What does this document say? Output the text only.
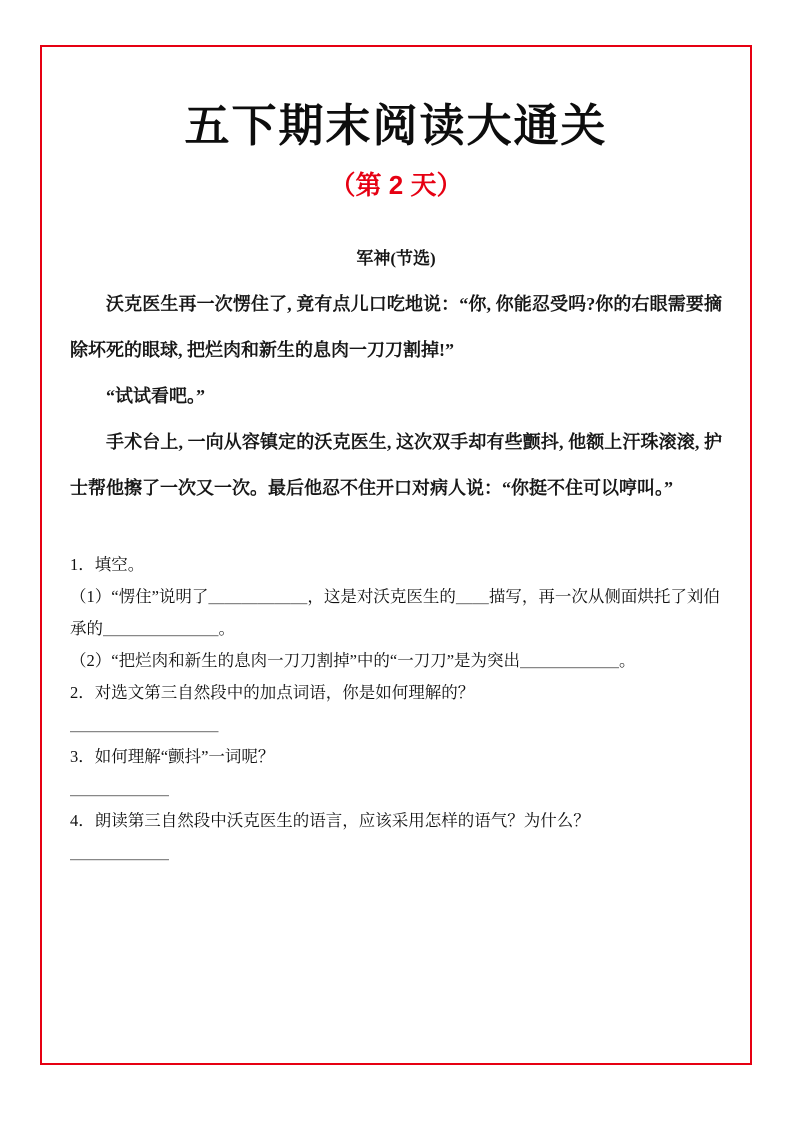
五下期末阅读大通关
（第 2 天）
军神(节选)

沃克医生再一次愣住了, 竟有点儿口吃地说：“你, 你能忍受吗?你的右眼需要摘除坏死的眼球, 把烂肉和新生的息肉一刀刀割掉!”

“试试看吧。”

手术台上, 一向从容镇定的沃克医生, 这次双手却有些颤抖, 他额上汗珠滚滚, 护士帮他擦了一次又一次。最后他忍不住开口对病人说：“你挺不住可以哼叫。”

1．填空。

（1）“愣住”说明了＿＿＿＿＿＿，这是对沃克医生的＿＿描写，再一次从侧面烘托了刘伯承的＿＿＿＿＿＿＿。

（2）“把烂肉和新生的息肉一刀刀割掉”中的“一刀刀”是为突出＿＿＿＿＿＿。

2．对选文第三自然段中的加点词语，你是如何理解的？

＿＿＿＿＿＿＿＿＿

3．如何理解“颤抖”一词呢？

＿＿＿＿＿＿

4．朗读第三自然段中沃克医生的语言，应该采用怎样的语气？为什么？

＿＿＿＿＿＿
